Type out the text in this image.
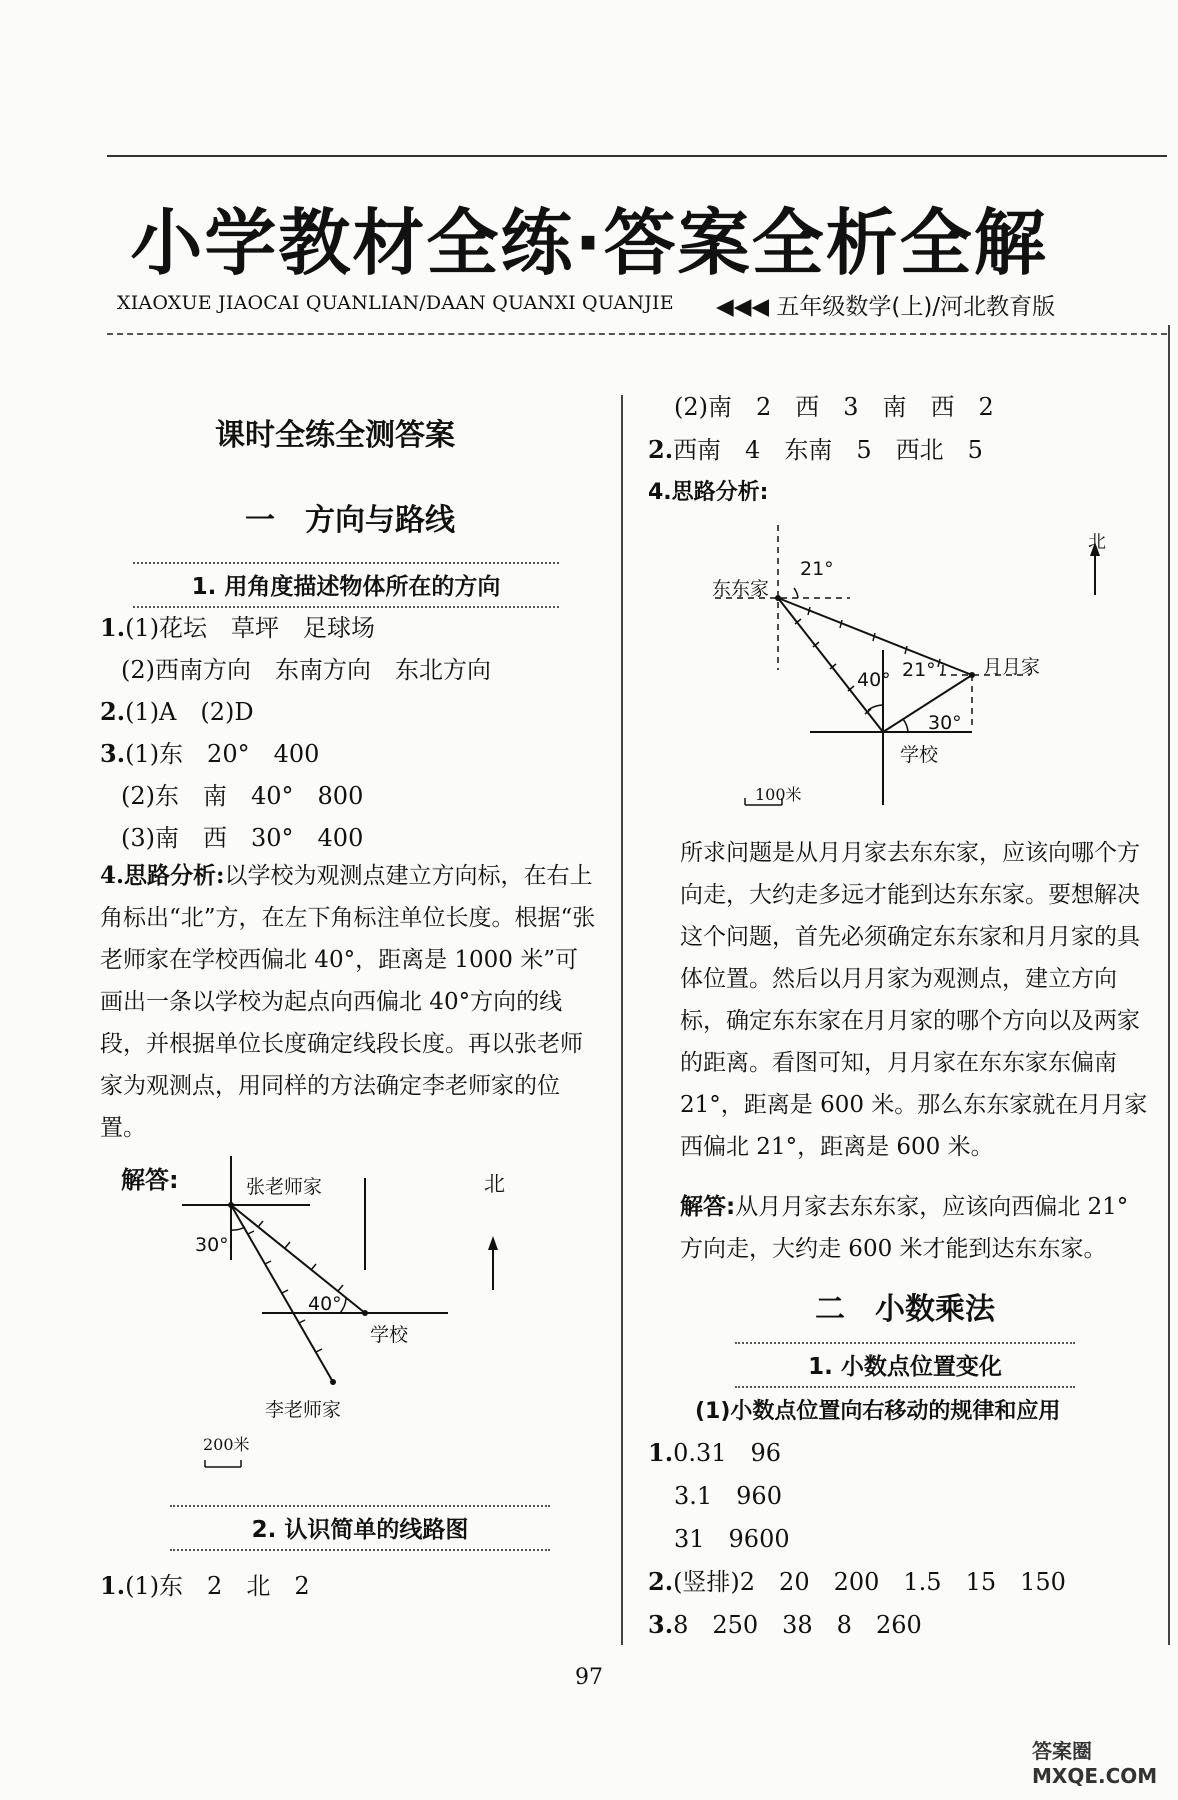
小学教材全练·答案全析全解
XIAOXUE JIAOCAI QUANLIAN/DAAN QUANXI QUANJIE ◀◀◀ 五年级数学(上)/河北教育版
课时全练全测答案
一　方向与路线
1. 用角度描述物体所在的方向
1.(1)花坛　草坪　足球场
(2)西南方向　东南方向　东北方向
2.(1)A　(2)D
3.(1)东　20°　400
(2)东　南　40°　800
(3)南　西　30°　400
4.思路分析:以学校为观测点建立方向标，在右上角标出“北”方，在左下角标注单位长度。根据“张老师家在学校西偏北 40°，距离是 1000 米”可画出一条以学校为起点向西偏北 40°方向的线段，并根据单位长度确定线段长度。再以张老师家为观测点，用同样的方法确定李老师家的位置。
解答:	张老师家
30°
40°
学校
李老师家
北
200米
2. 认识简单的线路图
1.(1)东　2　北　2
(2)南　2　西　3　南　西　2
2.西南　4　东南　5　西北　5
4.思路分析:
东东家
21°
40° 21° 月月家
30°
学校
北
100米
所求问题是从月月家去东东家，应该向哪个方向走，大约走多远才能到达东东家。要想解决这个问题，首先必须确定东东家和月月家的具体位置。然后以月月家为观测点，建立方向标，确定东东家在月月家的哪个方向以及两家的距离。看图可知，月月家在东东家东偏南 21°，距离是 600 米。那么东东家就在月月家西偏北 21°，距离是 600 米。
解答:从月月家去东东家，应该向西偏北 21°方向走，大约走 600 米才能到达东东家。
二　小数乘法
1. 小数点位置变化
(1)小数点位置向右移动的规律和应用
1.0.31　96
3.1　960
31　9600
2.(竖排)2　20　200　1.5　15　150
3.8　250　38　8　260
97
答案圈 MXQE.COM
